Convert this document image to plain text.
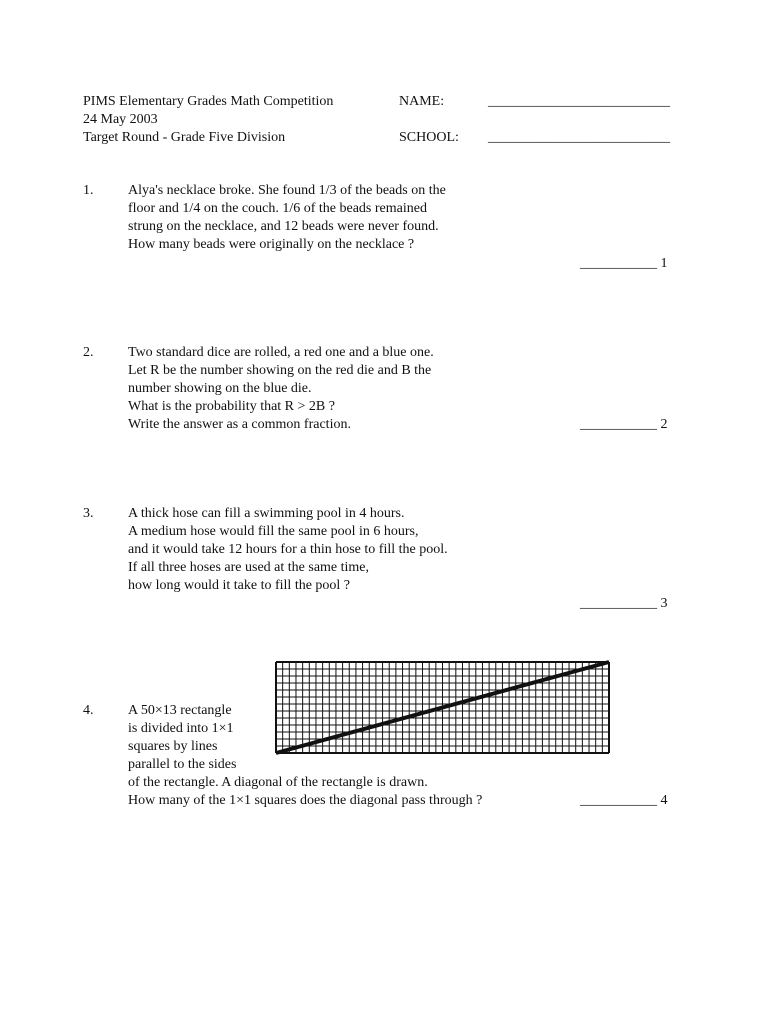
PIMS Elementary Grades Math Competition
24 May 2003
Target Round - Grade Five Division
NAME:	__________________________
SCHOOL: __________________________
1. Alya's necklace broke. She found 1/3 of the beads on the
floor and 1/4 on the couch. 1/6 of the beads remained
strung on the necklace, and 12 beads were never found.
How many beads were originally on the necklace ?
___________ 1
2. Two standard dice are rolled, a red one and a blue one.
Let R be the number showing on the red die and B the
number showing on the blue die.
What is the probability that R > 2B ?
Write the answer as a common fraction.	___________ 2
3. A thick hose can fill a swimming pool in 4 hours.
A medium hose would fill the same pool in 6 hours,
and it would take 12 hours for a thin hose to fill the pool.
If all three hoses are used at the same time,
how long would it take to fill the pool ?
___________ 3
4. A 50×13 rectangle
is divided into 1×1
squares by lines
parallel to the sides
of the rectangle. A diagonal of the rectangle is drawn.
How many of the 1×1 squares does the diagonal pass through ?	___________ 4
